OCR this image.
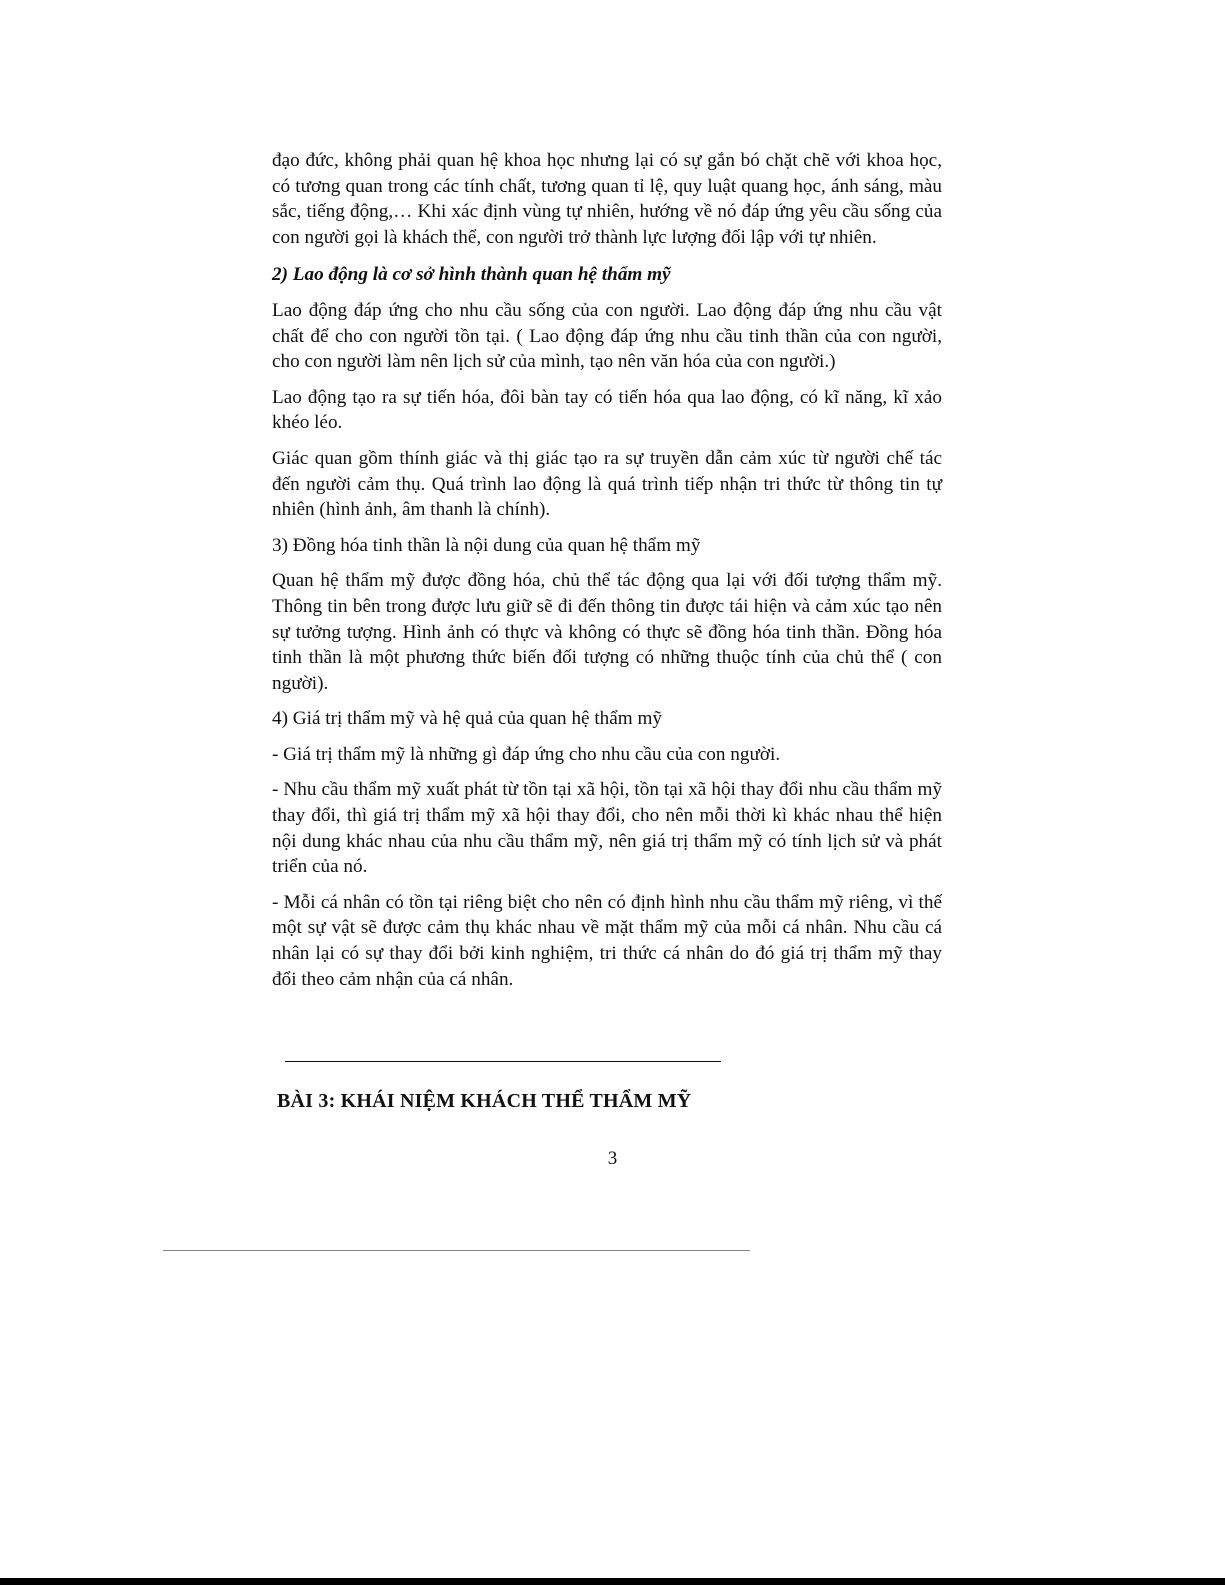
đạo đức, không phải quan hệ khoa học nhưng lại có sự gắn bó chặt chẽ với khoa học, có tương quan trong các tính chất, tương quan tỉ lệ, quy luật quang học, ánh sáng, màu sắc, tiếng động,… Khi xác định vùng tự nhiên, hướng về nó đáp ứng yêu cầu sống của con người gọi là khách thể, con người trở thành lực lượng đối lập với tự nhiên.

2) Lao động là cơ sở hình thành quan hệ thẩm mỹ

Lao động đáp ứng cho nhu cầu sống của con người. Lao động đáp ứng nhu cầu vật chất để cho con người tồn tại. ( Lao động đáp ứng nhu cầu tinh thần của con người, cho con người làm nên lịch sử của mình, tạo nên văn hóa của con người.)

Lao động tạo ra sự tiến hóa, đôi bàn tay có tiến hóa qua lao động, có kĩ năng, kĩ xảo khéo léo.

Giác quan gồm thính giác và thị giác tạo ra sự truyền dẫn cảm xúc từ người chế tác đến người cảm thụ. Quá trình lao động là quá trình tiếp nhận tri thức từ thông tin tự nhiên (hình ảnh, âm thanh là chính).

3) Đồng hóa tinh thần là nội dung của quan hệ thẩm mỹ

Quan hệ thẩm mỹ được đồng hóa, chủ thể tác động qua lại với đối tượng thẩm mỹ. Thông tin bên trong được lưu giữ sẽ đi đến thông tin được tái hiện và cảm xúc tạo nên sự tưởng tượng. Hình ảnh có thực và không có thực sẽ đồng hóa tinh thần. Đồng hóa tinh thần là một phương thức biến đối tượng có những thuộc tính của chủ thể ( con người).

4) Giá trị thẩm mỹ và hệ quả của quan hệ thẩm mỹ

- Giá trị thẩm mỹ là những gì đáp ứng cho nhu cầu của con người.

- Nhu cầu thẩm mỹ xuất phát từ tồn tại xã hội, tồn tại xã hội thay đổi nhu cầu thẩm mỹ thay đổi, thì giá trị thẩm mỹ xã hội thay đổi, cho nên mỗi thời kì khác nhau thể hiện nội dung khác nhau của nhu cầu thẩm mỹ, nên giá trị thẩm mỹ có tính lịch sử và phát triển của nó.

- Mỗi cá nhân có tồn tại riêng biệt cho nên có định hình nhu cầu thẩm mỹ riêng, vì thế một sự vật sẽ được cảm thụ khác nhau về mặt thẩm mỹ của mỗi cá nhân. Nhu cầu cá nhân lại có sự thay đổi bởi kinh nghiệm, tri thức cá nhân do đó giá trị thẩm mỹ thay đổi theo cảm nhận của cá nhân.

BÀI 3: KHÁI NIỆM KHÁCH THỂ THẨM MỸ
3
